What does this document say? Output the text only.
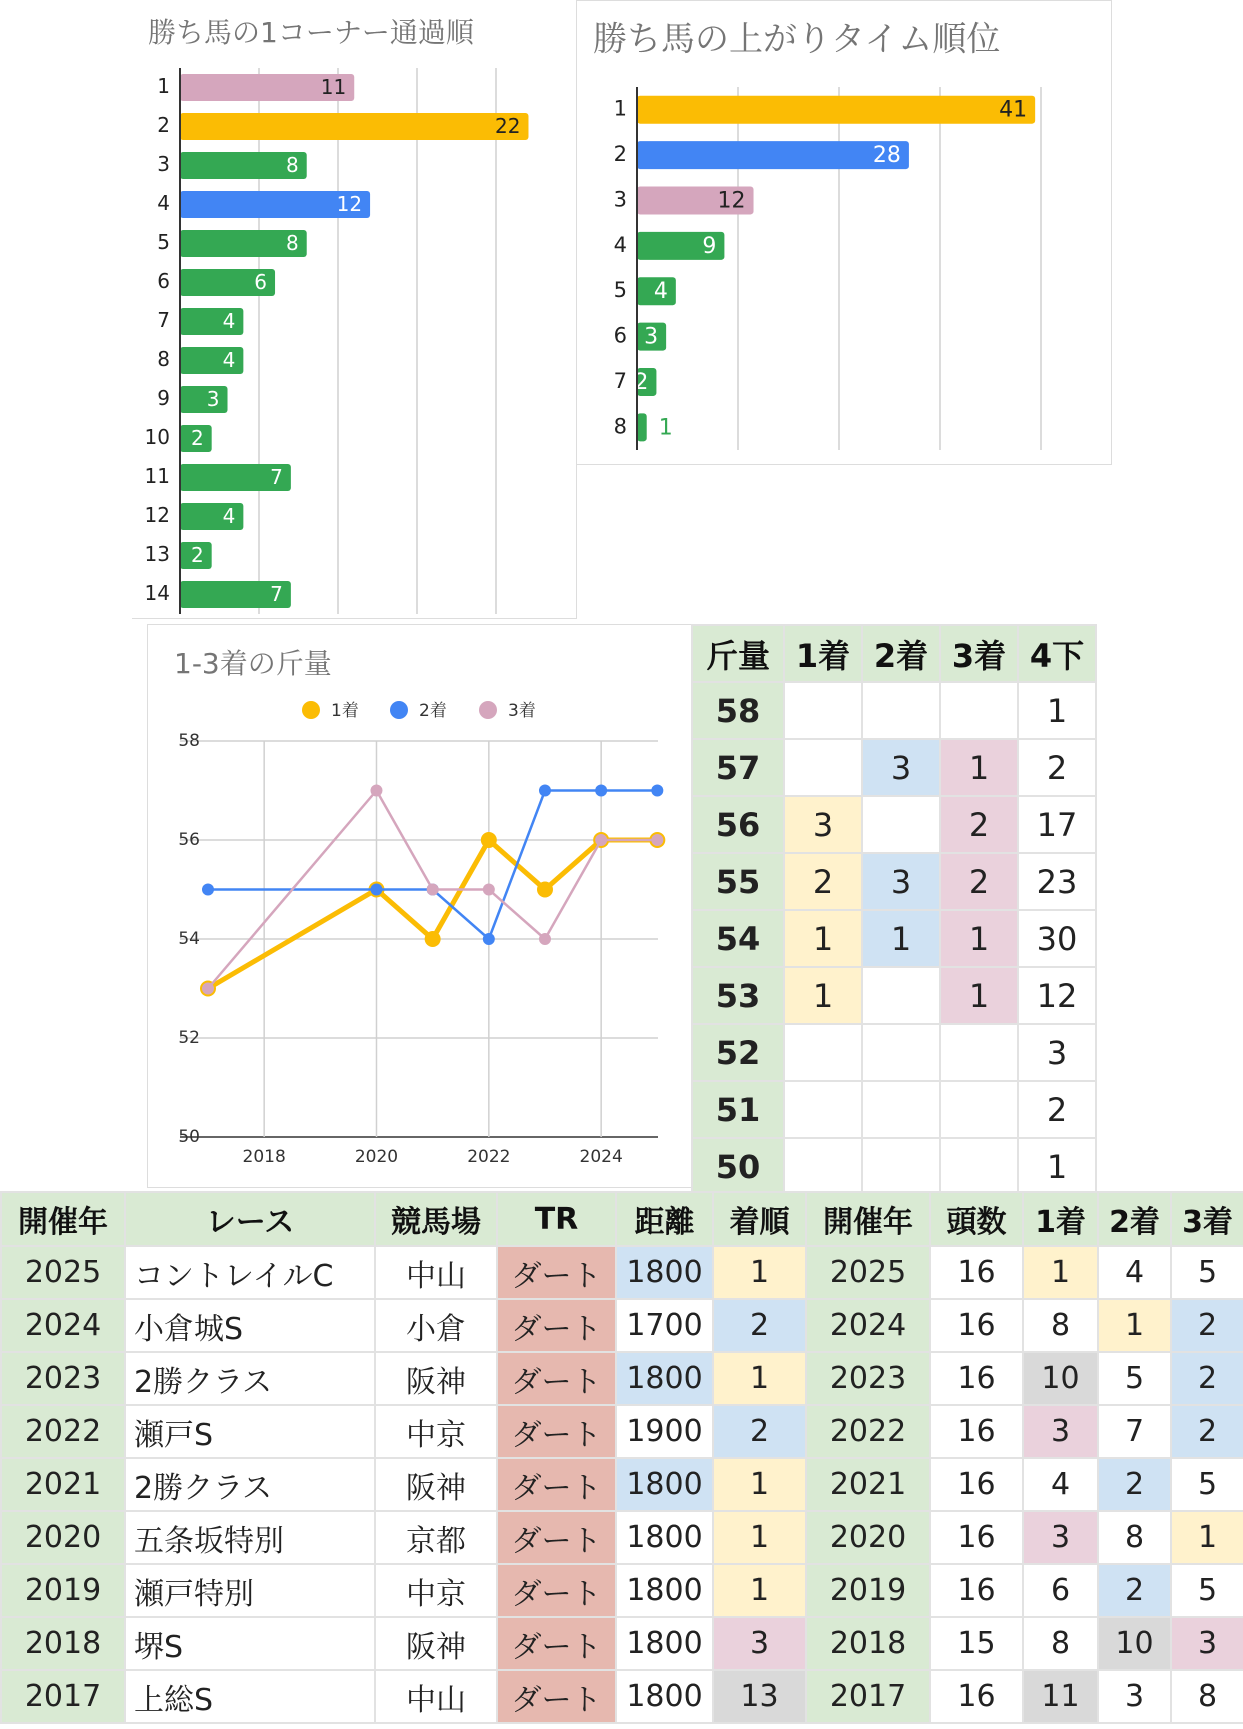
勝ち馬の1コーナー通過順
1	11
2	22
3	8
4	12
5	8
6	6
7	4
8	4
9 3
10 2
11	7
12	4
13 2
14	7
勝ち馬の上がりタイム順位
1	41
2	28
3	12
4	9
5 4
6 3
7 2
8 1
1-3着の斤量
1着	2着	3着
58
56
54
52
50
2018	2020	2022	2024
斤量	1着	2着	3着	4下
58				1
57		3	1	2
56	3		2	17
55	2	3	2	23
54	1	1	1	30
53	1		1	12
52				3
51				2
50				1
開催年	レース	競馬場	TR	距離	着順	開催年	頭数	1着	2着	3着
2025	コントレイルC	中山	ダート	1800	1	2025	16	1	4	5
2024	小倉城S	小倉	ダート	1700	2	2024	16	8	1	2
2023	2勝クラス	阪神	ダート	1800	1	2023	16	10	5	2
2022	瀬戸S	中京	ダート	1900	2	2022	16	3	7	2
2021	2勝クラス	阪神	ダート	1800	1	2021	16	4	2	5
2020	五条坂特別	京都	ダート	1800	1	2020	16	3	8	1
2019	瀬戸特別	中京	ダート	1800	1	2019	16	6	2	5
2018	堺S	阪神	ダート	1800	3	2018	15	8	10	3
2017	上総S	中山	ダート	1800	13	2017	16	11	3	8
